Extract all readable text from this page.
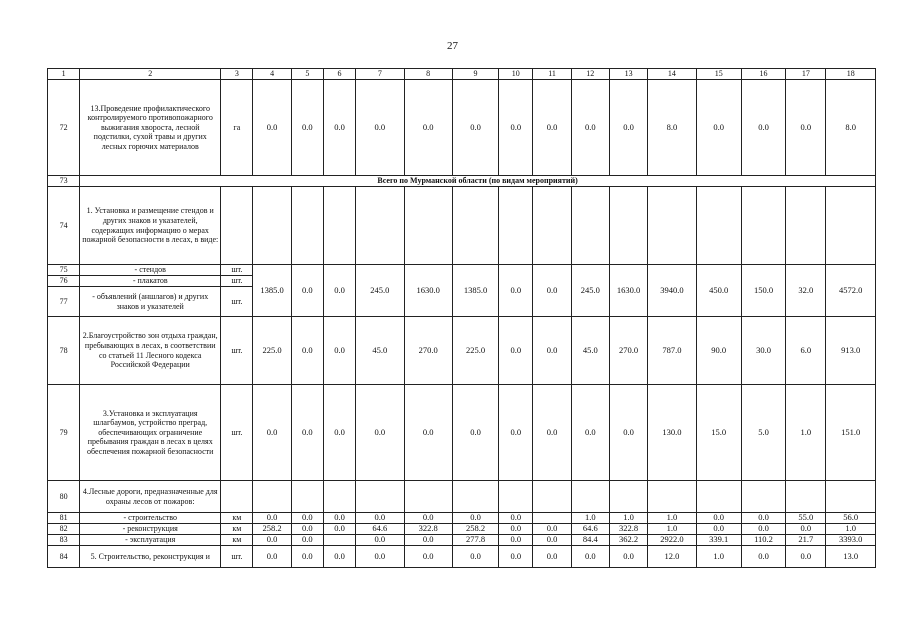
27
1	2	3	4	5	6	7	8	9	10	11	12	13	14	15	16	17	18
72	13.Проведение профилактического контролируемого противопожарного выжигания хвороста, лесной подстилки, сухой травы и других лесных горючих материалов	га	0.0	0.0	0.0	0.0	0.0	0.0	0.0	0.0	0.0	0.0	8.0	0.0	0.0	0.0	8.0
73	Всего по Мурманской области (по видам мероприятий)																
74	1. Установка и размещение стендов и других знаков и указателей, содержащих информацию о мерах пожарной безопасности в лесах, в виде:																
75	- стендов	шт.	1385.0	0.0	0.0	245.0	1630.0	1385.0	0.0	0.0	245.0	1630.0	3940.0	450.0	150.0	32.0	4572.0
76	- плакатов	шт.															
77	- объявлений (аншлагов) и других знаков и указателей	шт.															
78	2.Благоустройство зон отдыха граждан, пребывающих в лесах, в соответствии со статьей 11 Лесного кодекса Российской Федерации	шт.	225.0	0.0	0.0	45.0	270.0	225.0	0.0	0.0	45.0	270.0	787.0	90.0	30.0	6.0	913.0
79	3.Установка и эксплуатация шлагбаумов, устройство преград, обеспечивающих ограничение пребывания граждан в лесах в целях обеспечения пожарной безопасности	шт.	0.0	0.0	0.0	0.0	0.0	0.0	0.0	0.0	0.0	0.0	130.0	15.0	5.0	1.0	151.0
80	4.Лесные дороги, предназначенные для охраны лесов от пожаров:																
81	- строительство	км	0.0	0.0	0.0	0.0	0.0	0.0	0.0		1.0	1.0	1.0	0.0	0.0	55.0	56.0
82	- реконструкция	км	258.2	0.0	0.0	64.6	322.8	258.2	0.0	0.0	64.6	322.8	1.0	0.0	0.0	0.0	1.0
83	- эксплуатация	км	0.0	0.0		0.0	0.0	277.8	0.0	0.0	84.4	362.2	2922.0	339.1	110.2	21.7	3393.0
84	5. Строительство, реконструкция и	шт.	0.0	0.0	0.0	0.0	0.0	0.0	0.0	0.0	0.0	0.0	12.0	1.0	0.0	0.0	13.0
